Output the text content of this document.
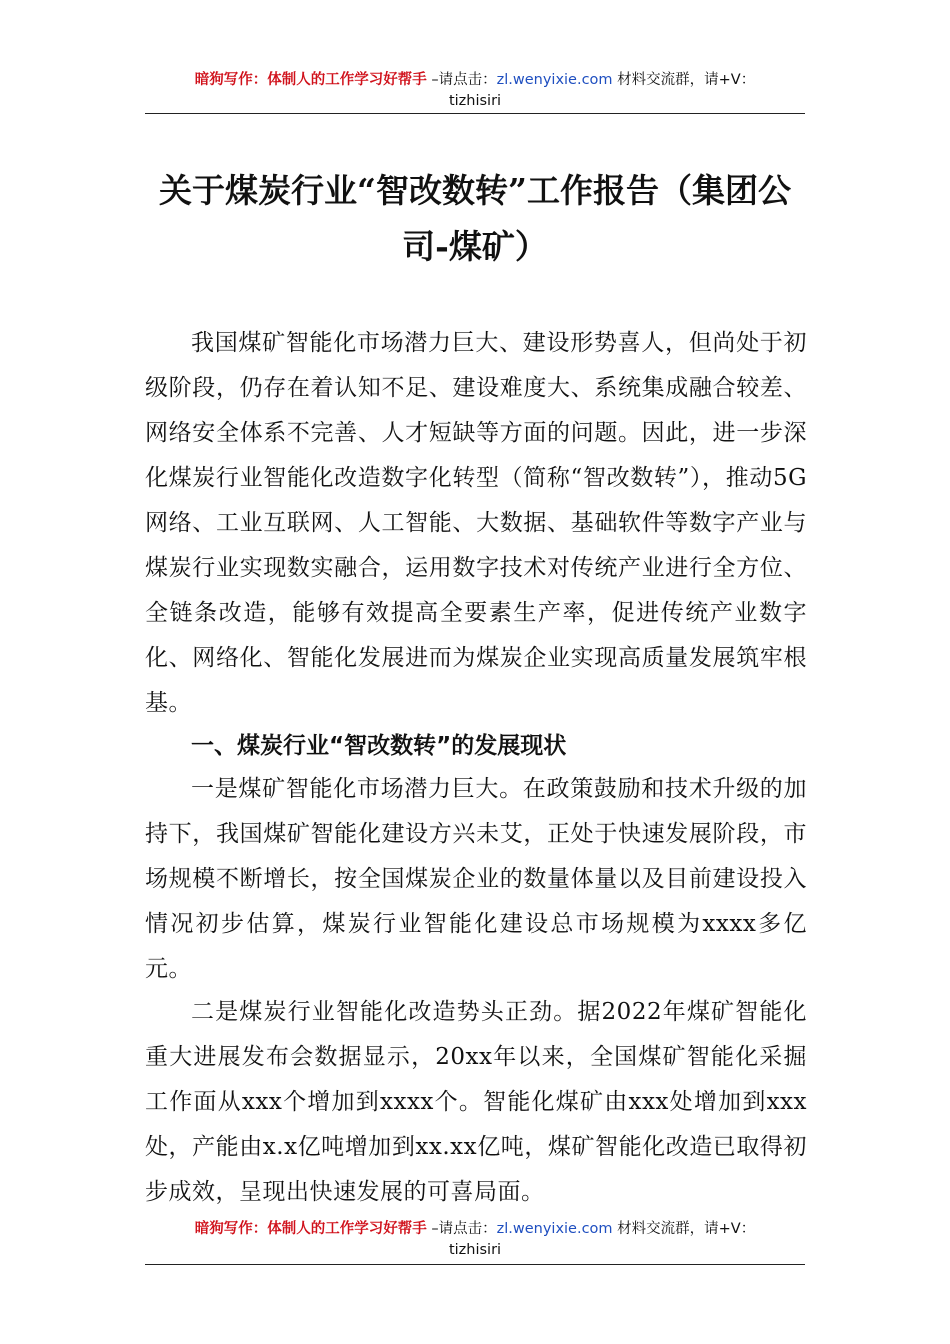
暗狗写作：体制人的工作学习好帮手 –请点击：zl.wenyixie.com 材料交流群，请+V：
tizhisiri
关于煤炭行业“智改数转”工作报告（集团公司-煤矿）

我国煤矿智能化市场潜力巨大、建设形势喜人，但尚处于初级阶段，仍存在着认知不足、建设难度大、系统集成融合较差、网络安全体系不完善、人才短缺等方面的问题。因此，进一步深化煤炭行业智能化改造数字化转型（简称“智改数转”），推动5G网络、工业互联网、人工智能、大数据、基础软件等数字产业与煤炭行业实现数实融合，运用数字技术对传统产业进行全方位、全链条改造，能够有效提高全要素生产率，促进传统产业数字化、网络化、智能化发展进而为煤炭企业实现高质量发展筑牢根基。

一、煤炭行业“智改数转”的发展现状

一是煤矿智能化市场潜力巨大。在政策鼓励和技术升级的加持下，我国煤矿智能化建设方兴未艾，正处于快速发展阶段，市场规模不断增长，按全国煤炭企业的数量体量以及目前建设投入情况初步估算，煤炭行业智能化建设总市场规模为xxxx多亿元。

二是煤炭行业智能化改造势头正劲。据2022年煤矿智能化重大进展发布会数据显示，20xx年以来，全国煤矿智能化采掘工作面从xxx个增加到xxxx个。智能化煤矿由xxx处增加到xxx处，产能由x.x亿吨增加到xx.xx亿吨，煤矿智能化改造已取得初步成效，呈现出快速发展的可喜局面。

暗狗写作：体制人的工作学习好帮手 –请点击：zl.wenyixie.com 材料交流群，请+V：
tizhisiri
